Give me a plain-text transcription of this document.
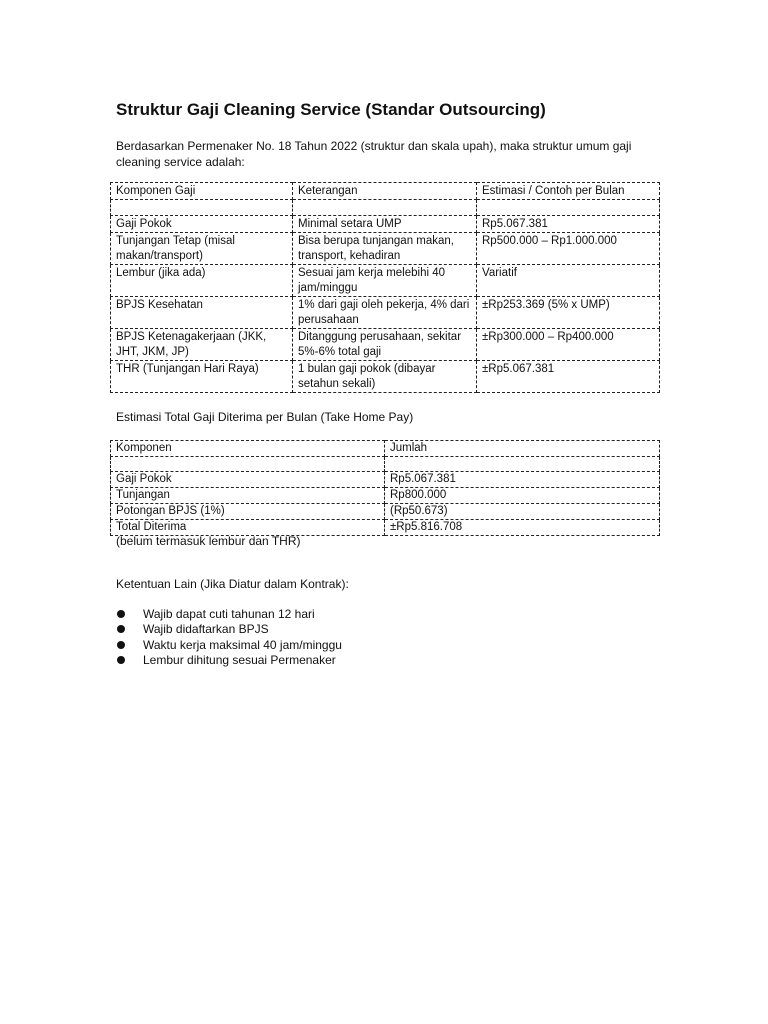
Struktur Gaji Cleaning Service (Standar Outsourcing)

Berdasarkan Permenaker No. 18 Tahun 2022 (struktur dan skala upah), maka struktur umum gaji cleaning service adalah:

Komponen Gaji	Keterangan	Estimasi / Contoh per Bulan

Gaji Pokok	Minimal setara UMP	Rp5.067.381
Tunjangan Tetap (misal makan/transport)	Bisa berupa tunjangan makan, transport, kehadiran	Rp500.000 – Rp1.000.000
Lembur (jika ada)	Sesuai jam kerja melebihi 40 jam/minggu	Variatif
BPJS Kesehatan	1% dari gaji oleh pekerja, 4% dari perusahaan	±Rp253.369 (5% x UMP)
BPJS Ketenagakerjaan (JKK, JHT, JKM, JP)	Ditanggung perusahaan, sekitar 5%-6% total gaji	±Rp300.000 – Rp400.000
THR (Tunjangan Hari Raya)	1 bulan gaji pokok (dibayar setahun sekali)	±Rp5.067.381

Estimasi Total Gaji Diterima per Bulan (Take Home Pay)

Komponen	Jumlah

Gaji Pokok	Rp5.067.381
Tunjangan	Rp800.000
Potongan BPJS (1%)	(Rp50.673)
Total Diterima	±Rp5.816.708

(belum termasuk lembur dan THR)

Ketentuan Lain (Jika Diatur dalam Kontrak):

Wajib dapat cuti tahunan 12 hari
Wajib didaftarkan BPJS
Waktu kerja maksimal 40 jam/minggu
Lembur dihitung sesuai Permenaker
